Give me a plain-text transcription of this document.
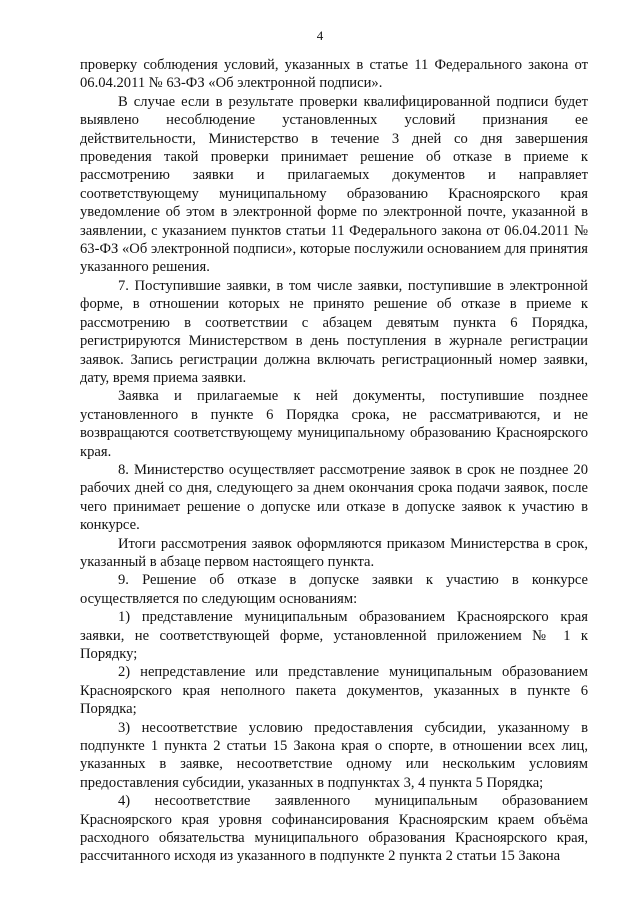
4

проверку соблюдения условий, указанных в статье 11 Федерального закона от 06.04.2011 № 63-ФЗ «Об электронной подписи».

В случае если в результате проверки квалифицированной подписи будет выявлено несоблюдение установленных условий признания ее действительности, Министерство в течение 3 дней со дня завершения проведения такой проверки принимает решение об отказе в приеме к рассмотрению заявки и прилагаемых документов и направляет соответствующему муниципальному образованию Красноярского края уведомление об этом в электронной форме по электронной почте, указанной в заявлении, с указанием пунктов статьи 11 Федерального закона от 06.04.2011 № 63-ФЗ «Об электронной подписи», которые послужили основанием для принятия указанного решения.

7. Поступившие заявки, в том числе заявки, поступившие в электронной форме, в отношении которых не принято решение об отказе в приеме к рассмотрению в соответствии с абзацем девятым пункта 6 Порядка, регистрируются Министерством в день поступления в журнале регистрации заявок. Запись регистрации должна включать регистрационный номер заявки, дату, время приема заявки.

Заявка и прилагаемые к ней документы, поступившие позднее установленного в пункте 6 Порядка срока, не рассматриваются, и не возвращаются соответствующему муниципальному образованию Красноярского края.

8. Министерство осуществляет рассмотрение заявок в срок не позднее 20 рабочих дней со дня, следующего за днем окончания срока подачи заявок, после чего принимает решение о допуске или отказе в допуске заявок к участию в конкурсе.

Итоги рассмотрения заявок оформляются приказом Министерства в срок, указанный в абзаце первом настоящего пункта.

9. Решение об отказе в допуске заявки к участию в конкурсе осуществляется по следующим основаниям:

1) представление муниципальным образованием Красноярского края заявки, не соответствующей форме, установленной приложением № 1 к Порядку;

2) непредставление или представление муниципальным образованием Красноярского края неполного пакета документов, указанных в пункте 6 Порядка;

3) несоответствие условию предоставления субсидии, указанному в подпункте 1 пункта 2 статьи 15 Закона края о спорте, в отношении всех лиц, указанных в заявке, несоответствие одному или нескольким условиям предоставления субсидии, указанных в подпунктах 3, 4 пункта 5 Порядка;

4) несоответствие заявленного муниципальным образованием Красноярского края уровня софинансирования Красноярским краем объёма расходного обязательства муниципального образования Красноярского края, рассчитанного исходя из указанного в подпункте 2 пункта 2 статьи 15 Закона
